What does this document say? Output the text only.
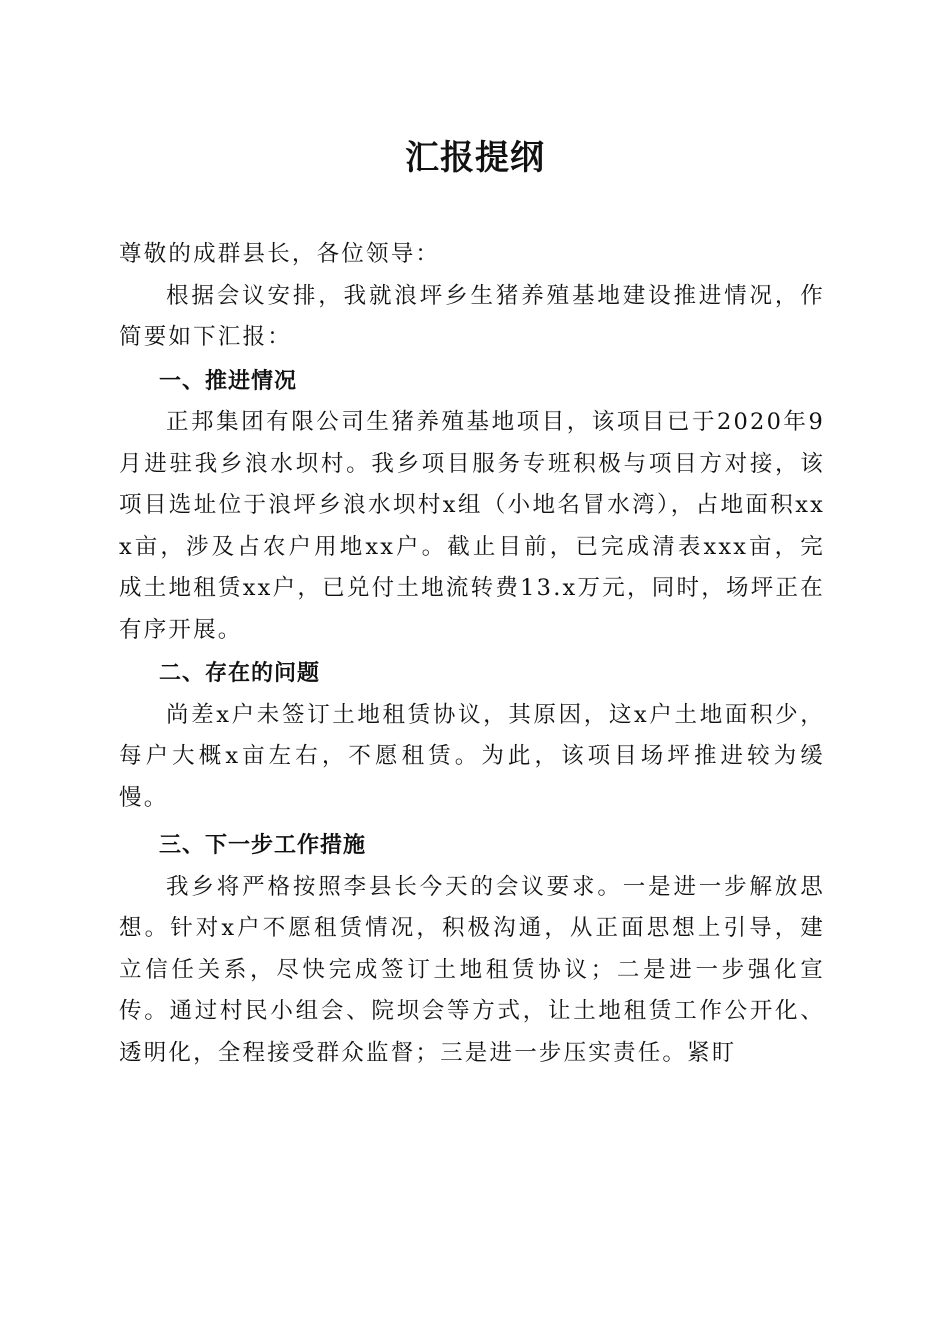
汇报提纲

尊敬的成群县长，各位领导：

根据会议安排，我就浪坪乡生猪养殖基地建设推进情况，作简要如下汇报：

一、推进情况

正邦集团有限公司生猪养殖基地项目，该项目已于2020年9月进驻我乡浪水坝村。我乡项目服务专班积极与项目方对接，该项目选址位于浪坪乡浪水坝村x组（小地名冒水湾），占地面积xxx亩，涉及占农户用地xx户。截止目前，已完成清表xxx亩，完成土地租赁xx户，已兑付土地流转费13.x万元，同时，场坪正在有序开展。

二、存在的问题

尚差x户未签订土地租赁协议，其原因，这x户土地面积少，每户大概x亩左右，不愿租赁。为此，该项目场坪推进较为缓慢。

三、下一步工作措施

我乡将严格按照李县长今天的会议要求。一是进一步解放思想。针对x户不愿租赁情况，积极沟通，从正面思想上引导，建立信任关系，尽快完成签订土地租赁协议；二是进一步强化宣传。通过村民小组会、院坝会等方式，让土地租赁工作公开化、透明化，全程接受群众监督；三是进一步压实责任。紧盯
